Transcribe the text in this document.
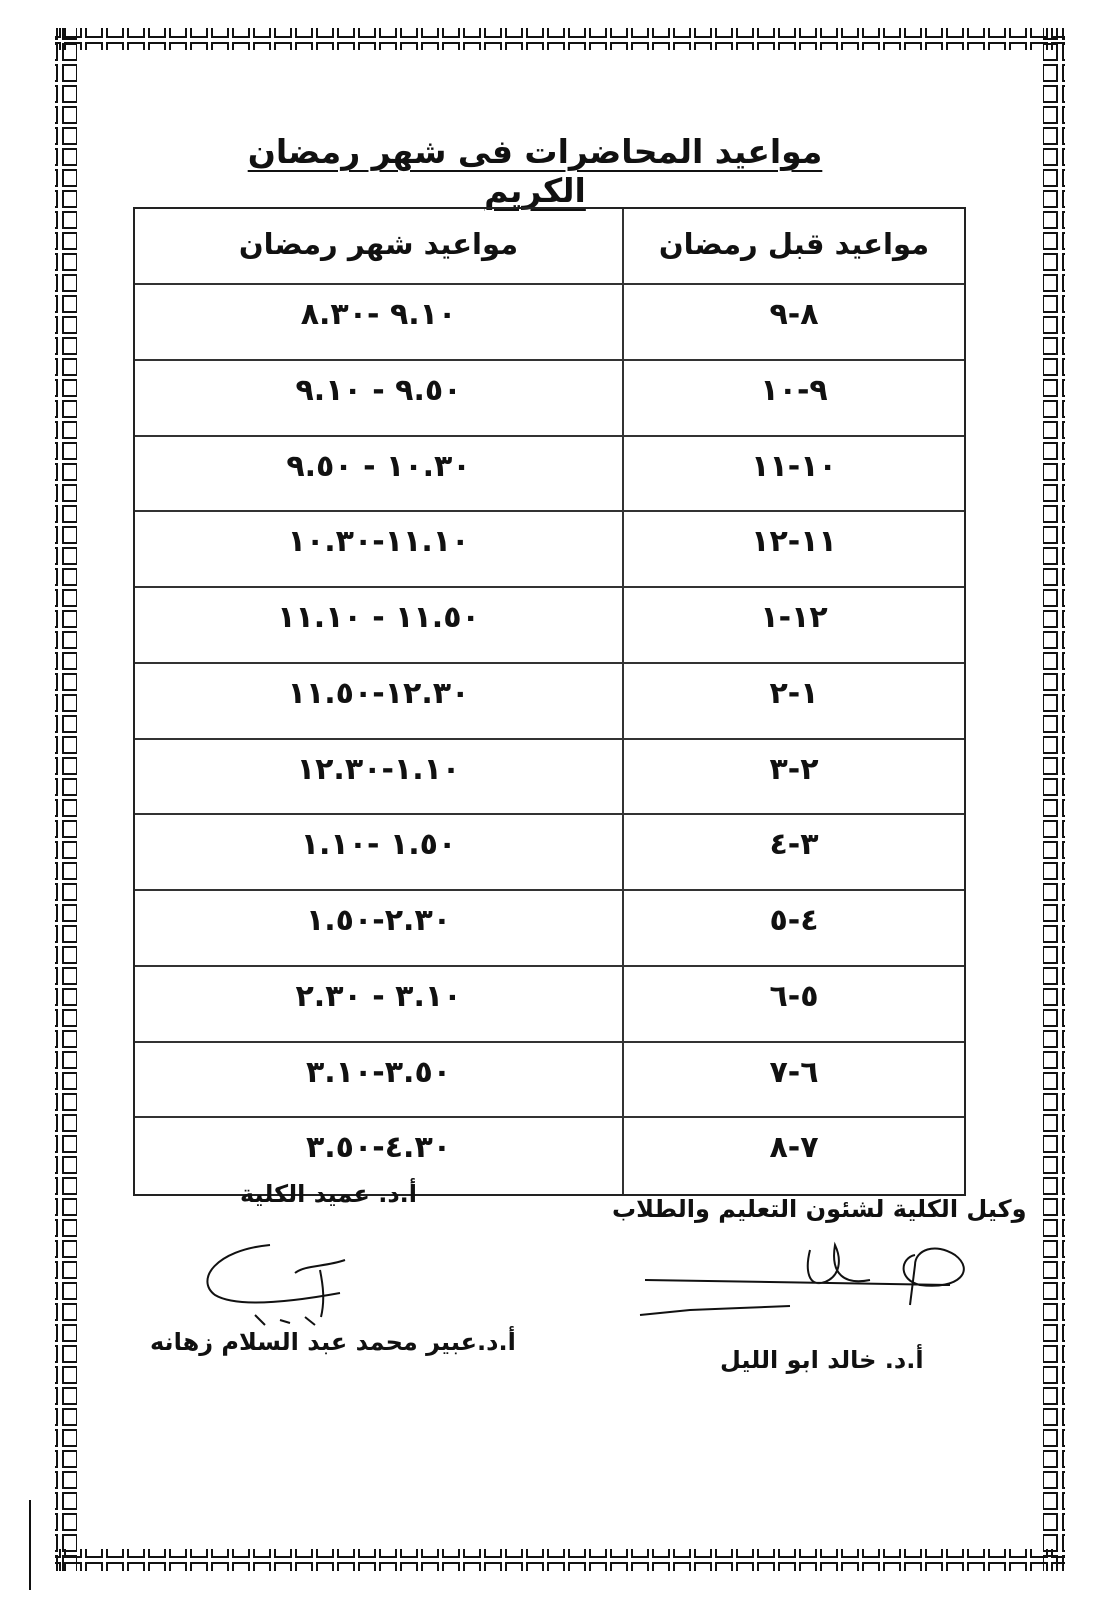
مواعيد المحاضرات فى شهر رمضان الكريم
مواعيد شهر رمضان	مواعيد قبل رمضان
٩.١٠ -٨.٣٠	٨-٩
٩.٥٠ - ٩.١٠	٩-١٠
١٠.٣٠ - ٩.٥٠	١٠-١١
١١.١٠-١٠.٣٠	١١-١٢
١١.٥٠ - ١١.١٠	١٢-١
١٢.٣٠-١١.٥٠	١-٢
١.١٠-١٢.٣٠	٢-٣
١.٥٠ -١.١٠	٣-٤
٢.٣٠-١.٥٠	٤-٥
٣.١٠ - ٢.٣٠	٥-٦
٣.٥٠-٣.١٠	٦-٧
٤.٣٠-٣.٥٠	٧-٨
أ.د. عميد الكلية
أ.د.عبير محمد عبد السلام زهانه
وكيل الكلية لشئون التعليم والطلاب
أ.د. خالد ابو الليل
